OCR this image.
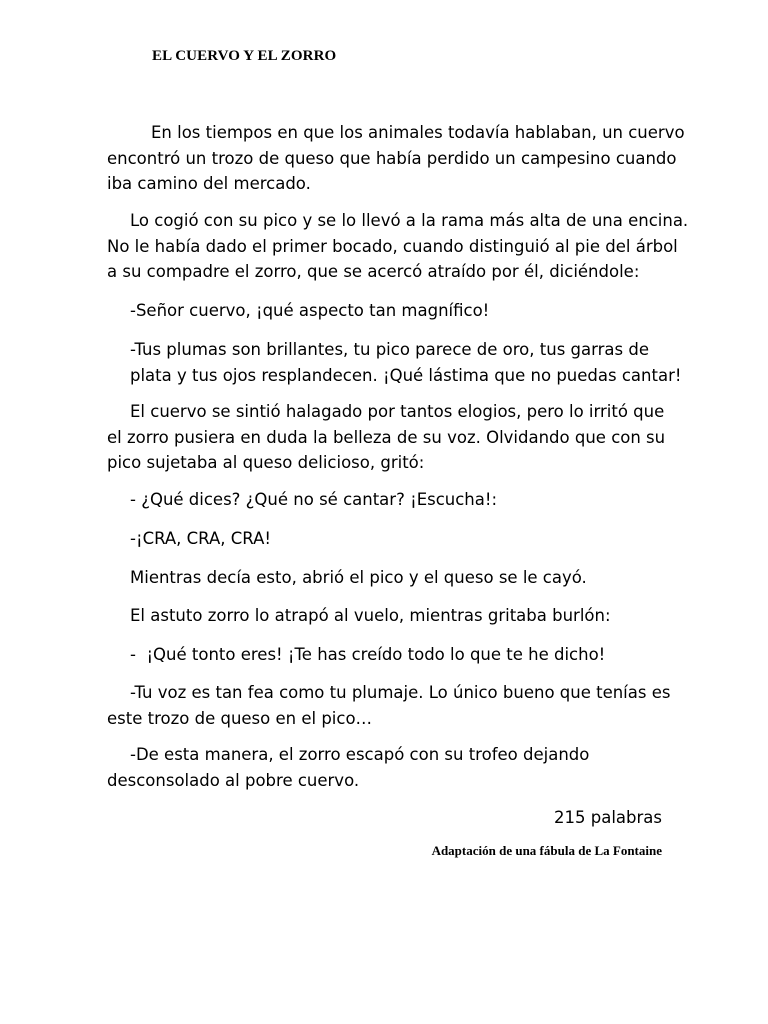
EL CUERVO Y EL ZORRO

En los tiempos en que los animales todavía hablaban, un cuervo
encontró un trozo de queso que había perdido un campesino cuando
iba camino del mercado.

Lo cogió con su pico y se lo llevó a la rama más alta de una encina.
No le había dado el primer bocado, cuando distinguió al pie del árbol
a su compadre el zorro, que se acercó atraído por él, diciéndole:

-Señor cuervo, ¡qué aspecto tan magnífico!

-Tus plumas son brillantes, tu pico parece de oro, tus garras de
plata y tus ojos resplandecen. ¡Qué lástima que no puedas cantar!

El cuervo se sintió halagado por tantos elogios, pero lo irritó que
el zorro pusiera en duda la belleza de su voz. Olvidando que con su
pico sujetaba al queso delicioso, gritó:

- ¿Qué dices? ¿Qué no sé cantar? ¡Escucha!:

-¡CRA, CRA, CRA!

Mientras decía esto, abrió el pico y el queso se le cayó.

El astuto zorro lo atrapó al vuelo, mientras gritaba burlón:

-  ¡Qué tonto eres! ¡Te has creído todo lo que te he dicho!

-Tu voz es tan fea como tu plumaje. Lo único bueno que tenías es
este trozo de queso en el pico…

-De esta manera, el zorro escapó con su trofeo dejando
desconsolado al pobre cuervo.

215 palabras
Adaptación de una fábula de La Fontaine
